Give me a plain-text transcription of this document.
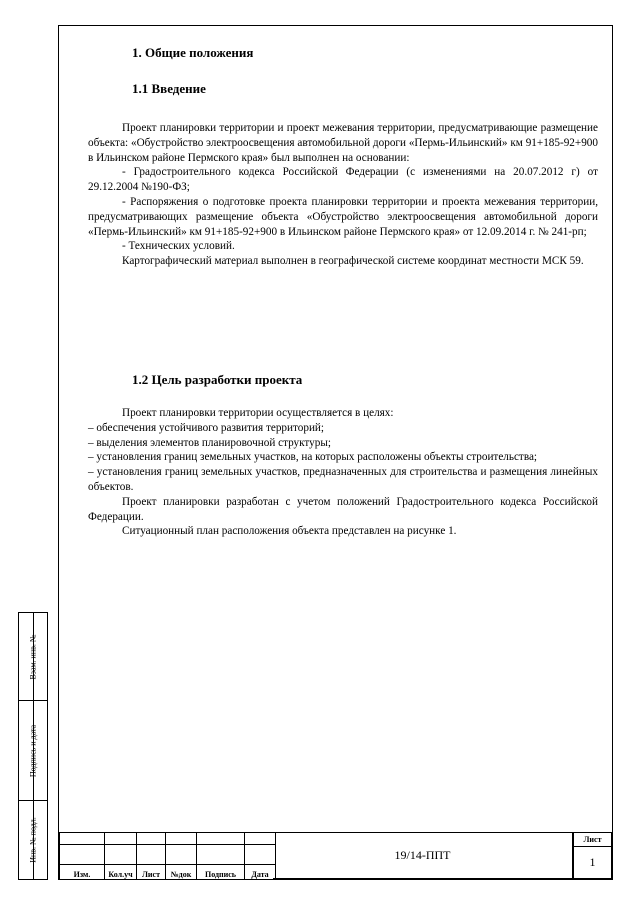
Взам. инв. №
Подпись и дата
Инв. № подл.
1. Общие положения
1.1 Введение

Проект планировки территории и проект межевания территории, предусматривающие размещение объекта: «Обустройство электроосвещения автомобильной дороги «Пермь-Ильинский» км 91+185-92+900 в Ильинском районе Пермского края» был выполнен на основании:

- Градостроительного кодекса Российской Федерации (с изменениями на 20.07.2012 г) от 29.12.2004 №190-ФЗ;

- Распоряжения о подготовке проекта планировки территории и проекта межевания территории, предусматривающих размещение объекта «Обустройство электроосвещения автомобильной дороги «Пермь-Ильинский» км 91+185-92+900 в Ильинском районе Пермского края» от 12.09.2014 г. № 241-рп;

- Технических условий.

Картографический материал выполнен в географической системе координат местности МСК 59.

1.2 Цель разработки проекта

Проект планировки территории осуществляется в целях:

– обеспечения устойчивого развития территорий;

– выделения элементов планировочной структуры;

– установления границ земельных участков, на которых расположены объекты строительства;

– установления границ земельных участков, предназначенных для строительства и размещения линейных объектов.

Проект планировки разработан с учетом положений Градостроительного кодекса Российской Федерации.

Ситуационный план расположения объекта представлен на рисунке 1.

Изм.	Кол.уч	Лист	№док	Подпись	Дата
19/14-ППТ
Лист
1
